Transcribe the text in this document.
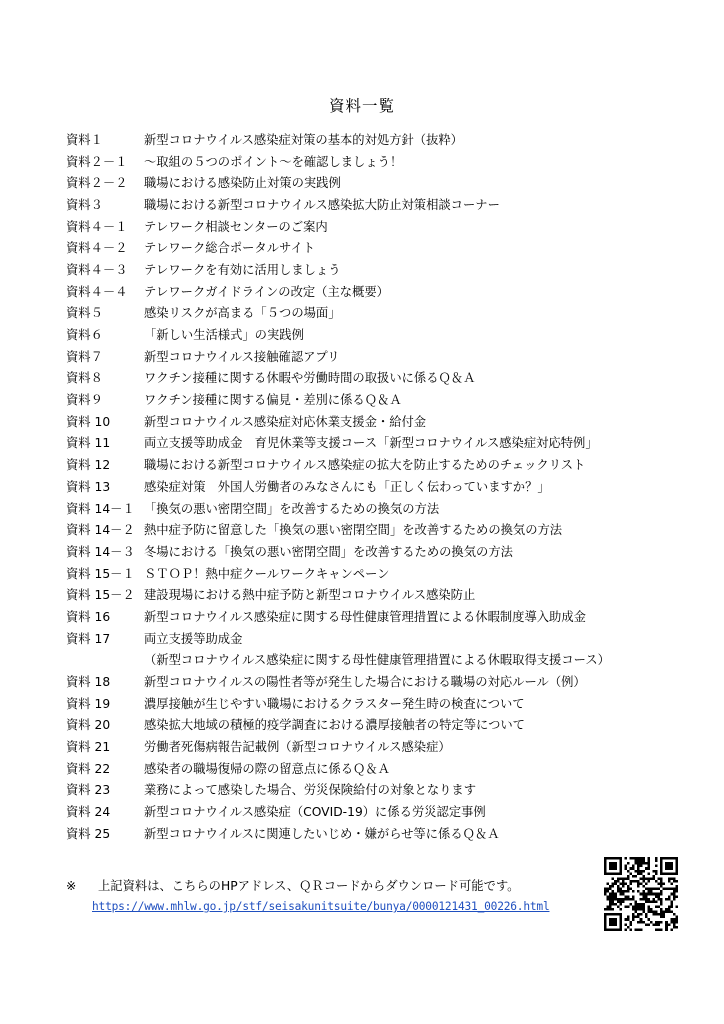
資料一覧
資料１	新型コロナウイルス感染症対策の基本的対処方針（抜粋）
資料２－１	～取組の５つのポイント～を確認しましょう！
資料２－２	職場における感染防止対策の実践例
資料３	職場における新型コロナウイルス感染拡大防止対策相談コーナー
資料４－１	テレワーク相談センターのご案内
資料４－２	テレワーク総合ポータルサイト
資料４－３	テレワークを有効に活用しましょう
資料４－４	テレワークガイドラインの改定（主な概要）
資料５	感染リスクが高まる「５つの場面」
資料６	「新しい生活様式」の実践例
資料７	新型コロナウイルス接触確認アプリ
資料８	ワクチン接種に関する休暇や労働時間の取扱いに係るＱ＆Ａ
資料９	ワクチン接種に関する偏見・差別に係るＱ＆Ａ
資料 10	新型コロナウイルス感染症対応休業支援金・給付金
資料 11	両立支援等助成金　育児休業等支援コース「新型コロナウイルス感染症対応特例」
資料 12	職場における新型コロナウイルス感染症の拡大を防止するためのチェックリスト
資料 13	感染症対策　外国人労働者のみなさんにも「正しく伝わっていますか？」
資料 14－１ 「換気の悪い密閉空間」を改善するための換気の方法
資料 14－２ 熱中症予防に留意した「換気の悪い密閉空間」を改善するための換気の方法
資料 14－３ 冬場における「換気の悪い密閉空間」を改善するための換気の方法
資料 15－１ ＳＴＯＰ！熱中症クールワークキャンペーン
資料 15－２ 建設現場における熱中症予防と新型コロナウイルス感染防止
資料 16	新型コロナウイルス感染症に関する母性健康管理措置による休暇制度導入助成金
資料 17	両立支援等助成金
（新型コロナウイルス感染症に関する母性健康管理措置による休暇取得支援コース）
資料 18	新型コロナウイルスの陽性者等が発生した場合における職場の対応ルール（例）
資料 19	濃厚接触が生じやすい職場におけるクラスター発生時の検査について
資料 20	感染拡大地域の積極的疫学調査における濃厚接触者の特定等について
資料 21	労働者死傷病報告記載例（新型コロナウイルス感染症）
資料 22	感染者の職場復帰の際の留意点に係るＱ＆Ａ
資料 23	業務によって感染した場合、労災保険給付の対象となります
資料 24	新型コロナウイルス感染症（COVID-19）に係る労災認定事例
資料 25	新型コロナウイルスに関連したいじめ・嫌がらせ等に係るＱ＆Ａ
※ 上記資料は、こちらのHPアドレス、ＱＲコードからダウンロード可能です。
https://www.mhlw.go.jp/stf/seisakunitsuite/bunya/0000121431_00226.html
